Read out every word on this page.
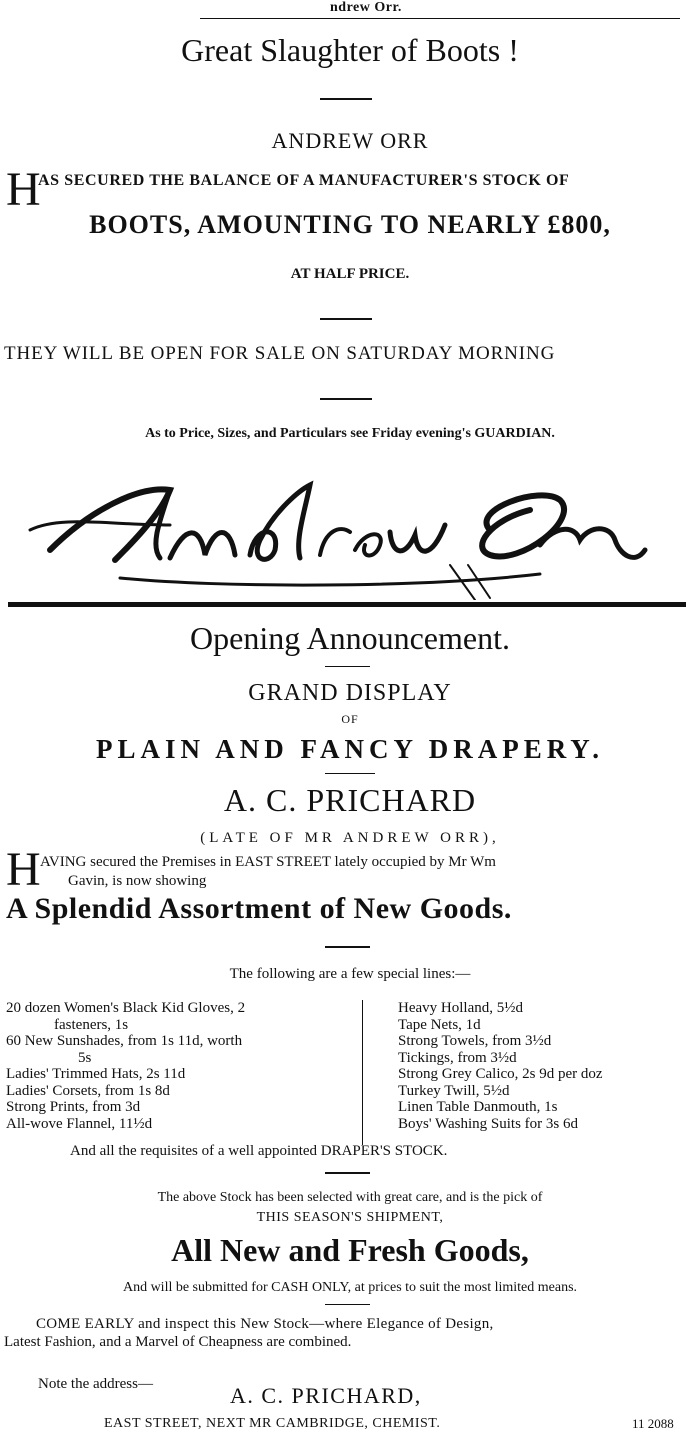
ndrew Orr.
Great Slaughter of Boots !
ANDREW ORR
H
AS SECURED THE BALANCE OF A MANUFACTURER'S STOCK OF
BOOTS, AMOUNTING TO NEARLY £800,
AT HALF PRICE.
THEY WILL BE OPEN FOR SALE ON SATURDAY MORNING
As to Price, Sizes, and Particulars see Friday evening's GUARDIAN.
Opening Announcement.
GRAND DISPLAY
OF
PLAIN AND FANCY DRAPERY.
A. C. PRICHARD
(LATE OF MR ANDREW ORR),
H AVING secured the Premises in EAST STREET lately occupied by Mr Wm
Gavin, is now showing
A Splendid Assortment of New Goods.
The following are a few special lines:—
20 dozen Women's Black Kid Gloves, 2
fasteners, 1s
60 New Sunshades, from 1s 11d, worth
5s
Ladies' Trimmed Hats, 2s 11d
Ladies' Corsets, from 1s 8d
Strong Prints, from 3d
All-wove Flannel, 11½d
Heavy Holland, 5½d
Tape Nets, 1d
Strong Towels, from 3½d
Tickings, from 3½d
Strong Grey Calico, 2s 9d per doz
Turkey Twill, 5½d
Linen Table Danmouth, 1s
Boys' Washing Suits for 3s 6d
And all the requisites of a well appointed DRAPER'S STOCK.
The above Stock has been selected with great care, and is the pick of
THIS SEASON'S SHIPMENT,
All New and Fresh Goods,
And will be submitted for CASH ONLY, at prices to suit the most limited means.
COME EARLY and inspect this New Stock—where Elegance of Design,
Latest Fashion, and a Marvel of Cheapness are combined.
Note the address—	A. C. PRICHARD,
EAST STREET, NEXT MR CAMBRIDGE, CHEMIST.	11 2088
